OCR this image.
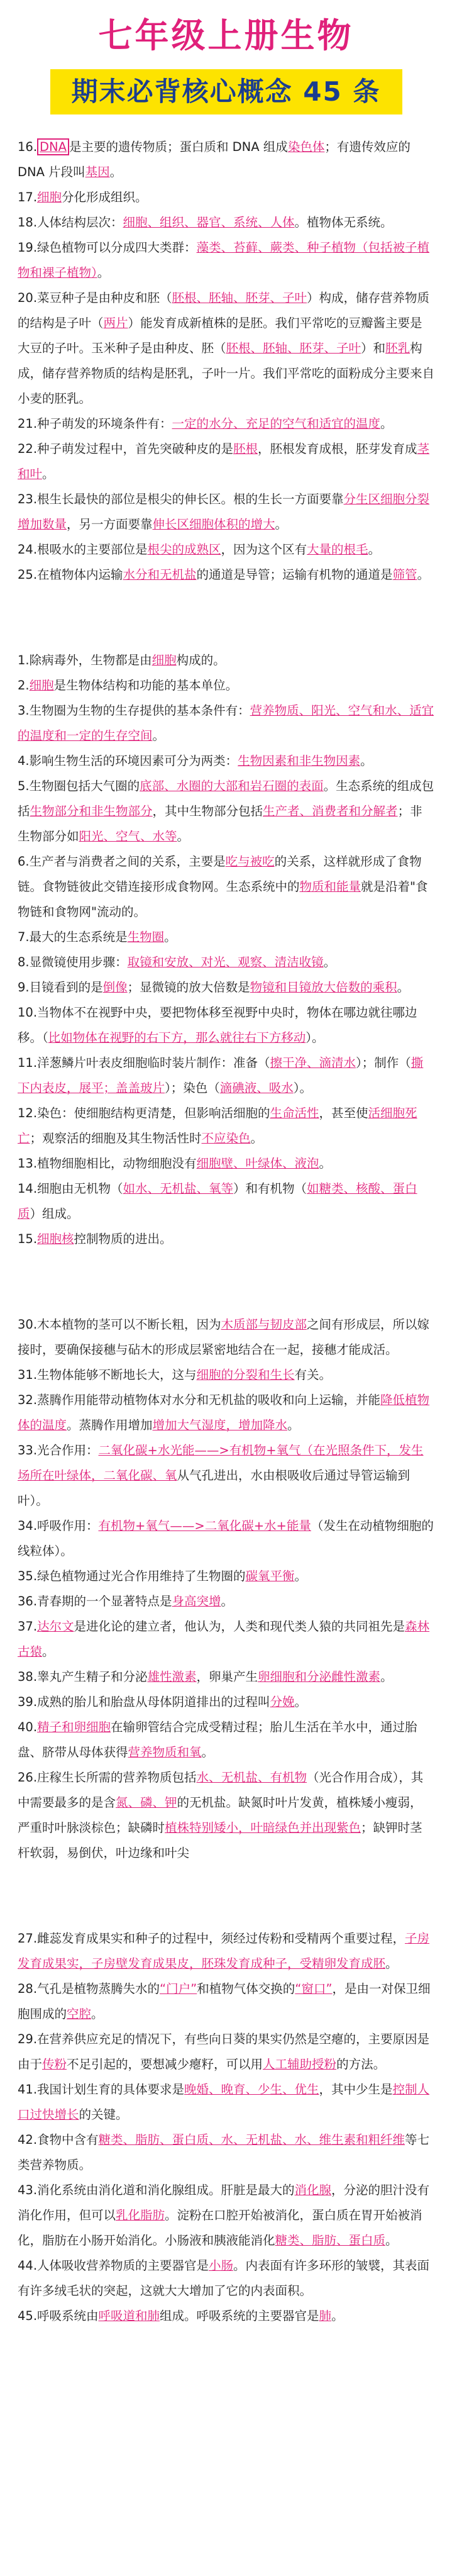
七年级上册生物
期末必背核心概念 45 条

16. DNA 是主要的遗传物质；蛋白质和 DNA 组成染色体；有遗传效应的 DNA 片段叫基因。

17.细胞分化形成组织。

18.人体结构层次：细胞、组织、器官、系统、人体。植物体无系统。

19.绿色植物可以分成四大类群：藻类、苔藓、蕨类、种子植物（包括被子植物和裸子植物）。

20.菜豆种子是由种皮和胚（胚根、胚轴、胚芽、子叶）构成，储存营养物质的结构是子叶（两片）能发育成新植株的是胚。我们平常吃的豆瓣酱主要是大豆的子叶。玉米种子是由种皮、胚（胚根、胚轴、胚芽、子叶）和胚乳构成，储存营养物质的结构是胚乳，子叶一片。我们平常吃的面粉成分主要来自小麦的胚乳。

21.种子萌发的环境条件有：一定的水分、充足的空气和适宜的温度。

22.种子萌发过程中，首先突破种皮的是胚根，胚根发育成根，胚芽发育成茎和叶。

23.根生长最快的部位是根尖的伸长区。根的生长一方面要靠分生区细胞分裂增加数量，另一方面要靠伸长区细胞体积的增大。

24.根吸水的主要部位是根尖的成熟区，因为这个区有大量的根毛。

25.在植物体内运输水分和无机盐的通道是导管；运输有机物的通道是筛管。

1.除病毒外，生物都是由细胞构成的。

2.细胞是生物体结构和功能的基本单位。

3.生物圈为生物的生存提供的基本条件有：营养物质、阳光、空气和水、适宜的温度和一定的生存空间。

4.影响生物生活的环境因素可分为两类：生物因素和非生物因素。

5.生物圈包括大气圈的底部、水圈的大部和岩石圈的表面。生态系统的组成包括生物部分和非生物部分，其中生物部分包括生产者、消费者和分解者；非生物部分如阳光、空气、水等。

6.生产者与消费者之间的关系，主要是吃与被吃的关系，这样就形成了食物链。食物链彼此交错连接形成食物网。生态系统中的物质和能量就是沿着"食物链和食物网"流动的。

7.最大的生态系统是生物圈。

8.显微镜使用步骤：取镜和安放、对光、观察、清洁收镜。

9.目镜看到的是倒像；显微镜的放大倍数是物镜和目镜放大倍数的乘积。

10.当物体不在视野中央，要把物体移至视野中央时，物体在哪边就往哪边移。（比如物体在视野的右下方，那么就往右下方移动）。

11.洋葱鳞片叶表皮细胞临时装片制作：准备（擦干净、滴清水）；制作（撕下内表皮，展平；盖盖玻片）；染色（滴碘液、吸水）。

12.染色：使细胞结构更清楚，但影响活细胞的生命活性，甚至使活细胞死亡；观察活的细胞及其生物活性时不应染色。

13.植物细胞相比，动物细胞没有细胞壁、叶绿体、液泡。

14.细胞由无机物（如水、无机盐、氧等）和有机物（如糖类、核酸、蛋白质）组成。

15.细胞核控制物质的进出。

30.木本植物的茎可以不断长粗，因为木质部与韧皮部之间有形成层，所以嫁接时，要确保接穗与砧木的形成层紧密地结合在一起，接穗才能成活。

31.生物体能够不断地长大，这与细胞的分裂和生长有关。

32.蒸腾作用能带动植物体对水分和无机盐的吸收和向上运输，并能降低植物体的温度。蒸腾作用增加增加大气湿度，增加降水。

33.光合作用：二氧化碳+水光能——>有机物+氧气（在光照条件下，发生场所在叶绿体，二氧化碳、氧从气孔进出，水由根吸收后通过导管运输到叶）。

34.呼吸作用：有机物+氧气——>二氧化碳+水+能量（发生在动植物细胞的线粒体）。

35.绿色植物通过光合作用维持了生物圈的碳氧平衡。

36.青春期的一个显著特点是身高突增。

37.达尔文是进化论的建立者，他认为，人类和现代类人猿的共同祖先是森林古猿。

38.睾丸产生精子和分泌雄性激素，卵巢产生卵细胞和分泌雌性激素。

39.成熟的胎儿和胎盘从母体阴道排出的过程叫分娩。

40.精子和卵细胞在输卵管结合完成受精过程；胎儿生活在羊水中，通过胎盘、脐带从母体获得营养物质和氧。

26.庄稼生长所需的营养物质包括水、无机盐、有机物（光合作用合成），其中需要最多的是含氮、磷、钾的无机盐。缺氮时叶片发黄，植株矮小瘦弱，严重时叶脉淡棕色；缺磷时植株特别矮小，叶暗绿色并出现紫色；缺钾时茎杆软弱，易倒伏，叶边缘和叶尖

27.雌蕊发育成果实和种子的过程中，须经过传粉和受精两个重要过程，子房发育成果实，子房壁发育成果皮，胚珠发育成种子，受精卵发育成胚。

28.气孔是植物蒸腾失水的“门户”和植物气体交换的“窗口”，是由一对保卫细胞围成的空腔。

29.在营养供应充足的情况下，有些向日葵的果实仍然是空瘪的，主要原因是由于传粉不足引起的，要想减少瘪籽，可以用人工辅助授粉的方法。

41.我国计划生育的具体要求是晚婚、晚育、少生、优生，其中少生是控制人口过快增长的关键。

42.食物中含有糖类、脂肪、蛋白质、水、无机盐、水、维生素和粗纤维等七类营养物质。

43.消化系统由消化道和消化腺组成。肝脏是最大的消化腺，分泌的胆汁没有消化作用，但可以乳化脂肪。淀粉在口腔开始被消化，蛋白质在胃开始被消化，脂肪在小肠开始消化。小肠液和胰液能消化糖类、脂肪、蛋白质。

44.人体吸收营养物质的主要器官是小肠。内表面有许多环形的皱襞，其表面有许多绒毛状的突起，这就大大增加了它的内表面积。

45.呼吸系统由呼吸道和肺组成。呼吸系统的主要器官是肺。
